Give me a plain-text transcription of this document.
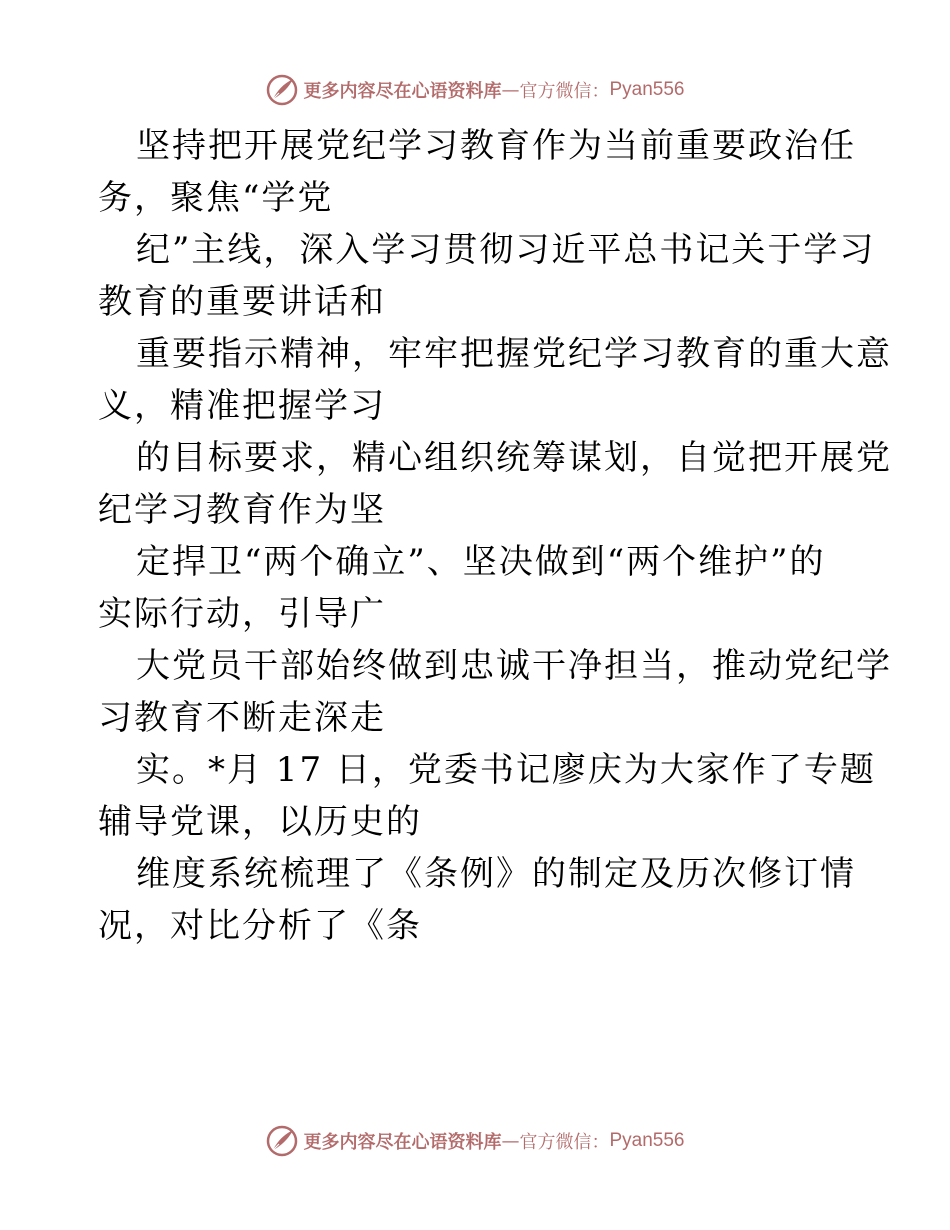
更多内容尽在心语资料库 — 官方微信： Pyan556
坚持把开展党纪学习教育作为当前重要政治任
务，聚焦“学党
纪”主线，深入学习贯彻习近平总书记关于学习
教育的重要讲话和
重要指示精神，牢牢把握党纪学习教育的重大意
义，精准把握学习
的目标要求，精心组织统筹谋划，自觉把开展党
纪学习教育作为坚
定捍卫“两个确立”、坚决做到“两个维护”的
实际行动，引导广
大党员干部始终做到忠诚干净担当，推动党纪学
习教育不断走深走
实。*月 17 日，党委书记廖庆为大家作了专题
辅导党课，以历史的
维度系统梳理了《条例》的制定及历次修订情
况，对比分析了《条
更多内容尽在心语资料库 — 官方微信： Pyan556
